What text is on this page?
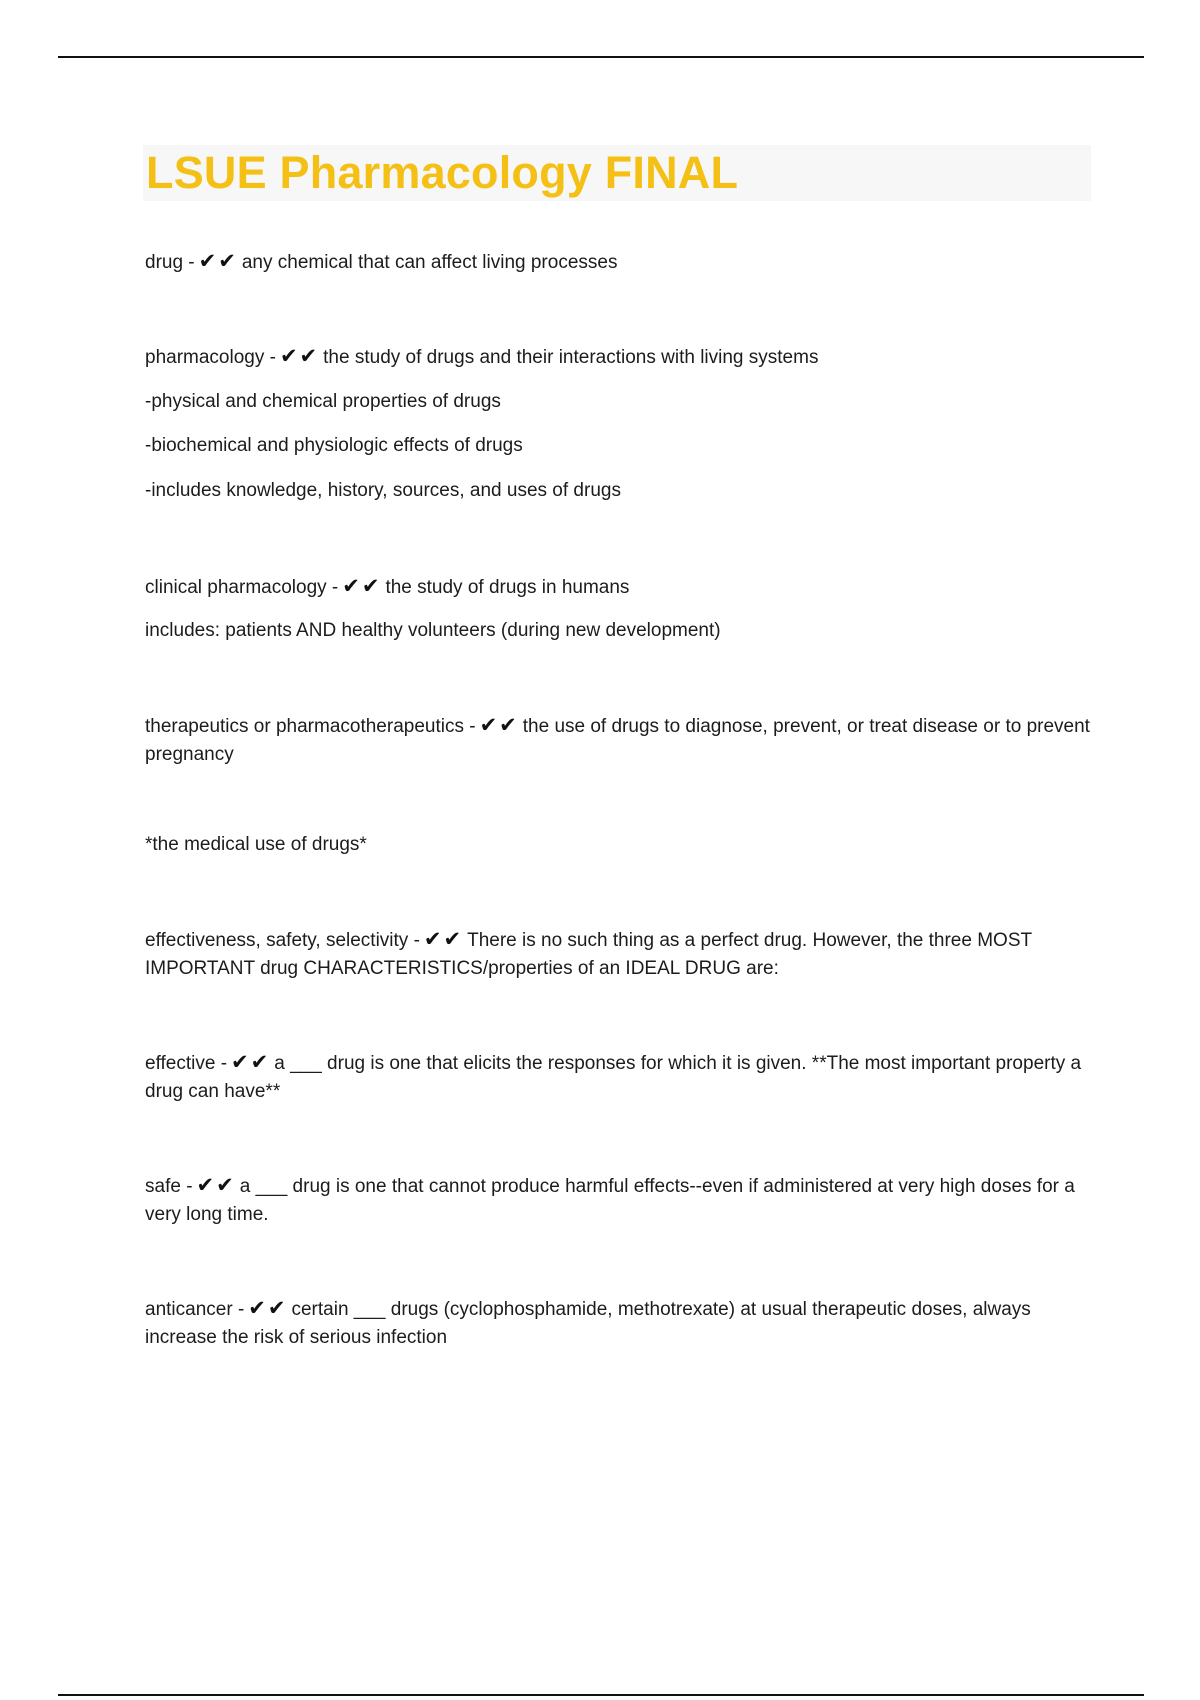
LSUE Pharmacology FINAL
drug - ✔✔ any chemical that can affect living processes
pharmacology - ✔✔ the study of drugs and their interactions with living systems
-physical and chemical properties of drugs
-biochemical and physiologic effects of drugs
-includes knowledge, history, sources, and uses of drugs
clinical pharmacology - ✔✔ the study of drugs in humans
includes: patients AND healthy volunteers (during new development)
therapeutics or pharmacotherapeutics - ✔✔ the use of drugs to diagnose, prevent, or treat disease or to prevent pregnancy
*the medical use of drugs*
effectiveness, safety, selectivity - ✔✔ There is no such thing as a perfect drug. However, the three MOST IMPORTANT drug CHARACTERISTICS/properties of an IDEAL DRUG are:
effective - ✔✔ a ___ drug is one that elicits the responses for which it is given. **The most important property a drug can have**
safe - ✔✔ a ___ drug is one that cannot produce harmful effects--even if administered at very high doses for a very long time.
anticancer - ✔✔ certain ___ drugs (cyclophosphamide, methotrexate) at usual therapeutic doses, always increase the risk of serious infection
